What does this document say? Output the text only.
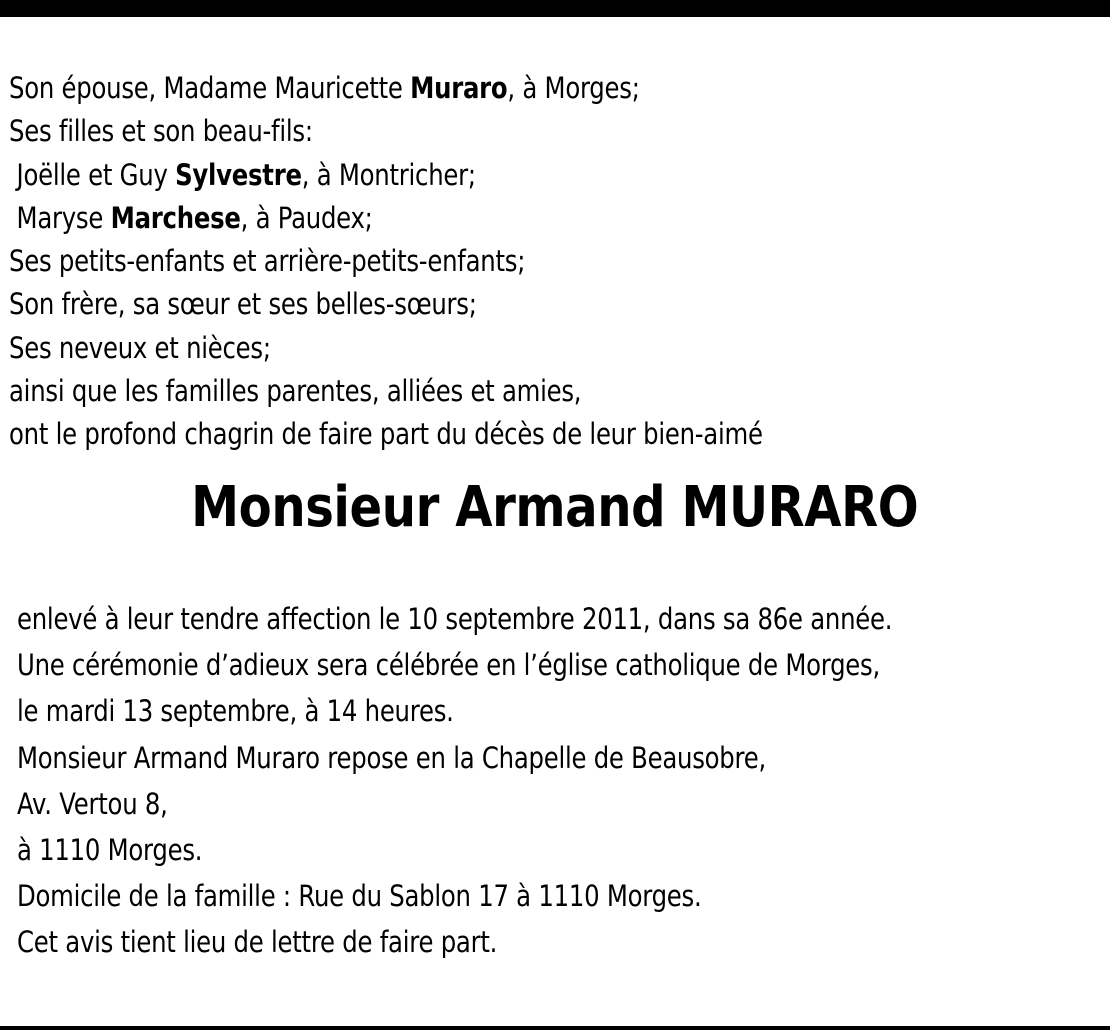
Son épouse, Madame Mauricette Muraro, à Morges;
Ses filles et son beau-fils:
Joëlle et Guy Sylvestre, à Montricher;
Maryse Marchese, à Paudex;
Ses petits-enfants et arrière-petits-enfants;
Son frère, sa sœur et ses belles-sœurs;
Ses neveux et nièces;
ainsi que les familles parentes, alliées et amies,
ont le profond chagrin de faire part du décès de leur bien-aimé
Monsieur Armand MURARO
enlevé à leur tendre affection le 10 septembre 2011, dans sa 86e année.
Une cérémonie d’adieux sera célébrée en l’église catholique de Morges,
le mardi 13 septembre, à 14 heures.
Monsieur Armand Muraro repose en la Chapelle de Beausobre,
Av. Vertou 8,
à 1110 Morges.
Domicile de la famille : Rue du Sablon 17 à 1110 Morges.
Cet avis tient lieu de lettre de faire part.
